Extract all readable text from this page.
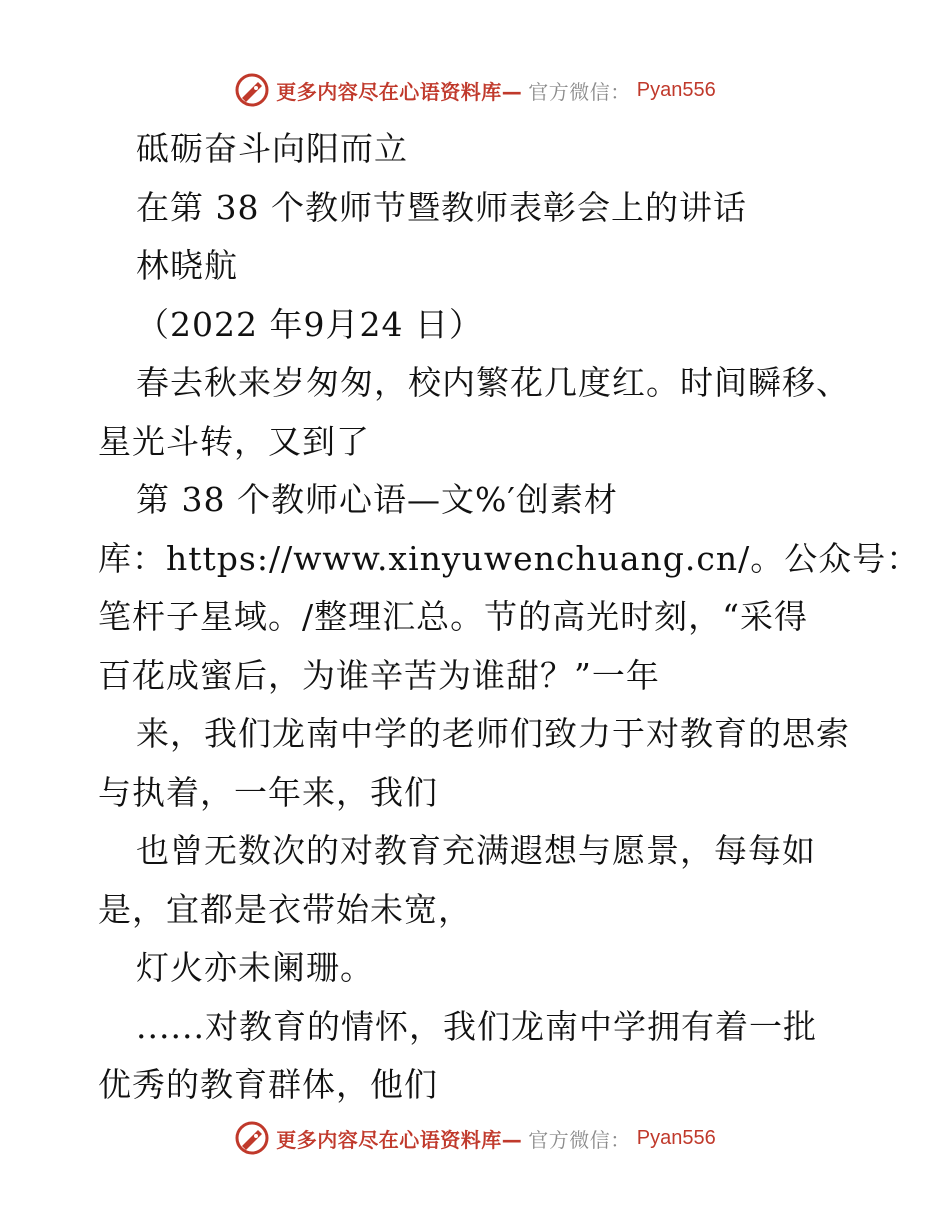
更多内容尽在心语资料库— 官方微信： Pyan556
砥砺奋斗向阳而立
在第 38 个教师节暨教师表彰会上的讲话
林晓航
（2022 年9月24 日）
春去秋来岁匆匆，校内繁花几度红。时间瞬移、
星光斗转，又到了
第 38 个教师心语—文%′创素材
库：https://www.xinyuwenchuang.cn/。公众号：
笔杆子星域。/整理汇总。节的高光时刻，“采得
百花成蜜后，为谁辛苦为谁甜？”一年
来，我们龙南中学的老师们致力于对教育的思索
与执着，一年来，我们
也曾无数次的对教育充满遐想与愿景，每每如
是，宜都是衣带始未宽，
灯火亦未阑珊。
......对教育的情怀，我们龙南中学拥有着一批
优秀的教育群体，他们
更多内容尽在心语资料库— 官方微信： Pyan556
